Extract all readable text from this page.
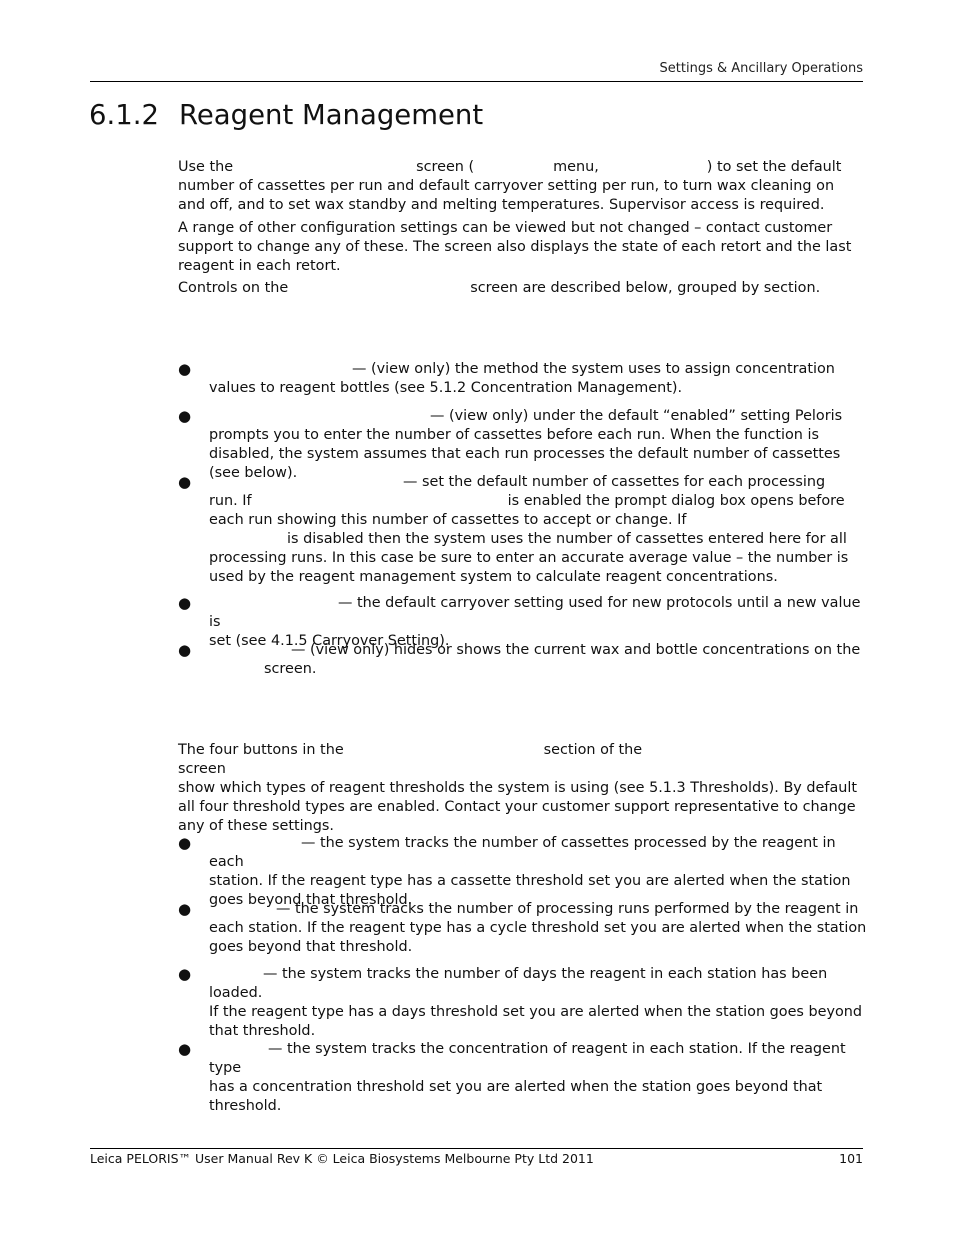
Settings & Ancillary Operations
6.1.2 Reagent Management

Use the	screen (	menu,	) to set the default
number of cassettes per run and default carryover setting per run, to turn wax cleaning on and off, and to set wax standby and melting temperatures. Supervisor access is required.

A range of other configuration settings can be viewed but not changed – contact customer support to change any of these. The screen also displays the state of each retort and the last reagent in each retort.

Controls on the	screen are described below, grouped by section.

●	— (view only) the method the system uses to assign concentration
values to reagent bottles (see 5.1.2 Concentration Management).
●	— (view only) under the default “enabled” setting Peloris
prompts you to enter the number of cassettes before each run. When the function is disabled, the system assumes that each run processes the default number of cassettes (see below).
●	— set the default number of cassettes for each processing
run. If	is enabled the prompt dialog box opens before
each run showing this number of cassettes to accept or change. If
is disabled then the system uses the number of cassettes entered here for all
processing runs. In this case be sure to enter an accurate average value – the number is used by the reagent management system to calculate reagent concentrations.
●	— the default carryover setting used for new protocols until a new value is
set (see 4.1.5 Carryover Setting).
●	— (view only) hides or shows the current wax and bottle concentrations on the
screen.

The four buttons in the	section of thescreen
show which types of reagent thresholds the system is using (see 5.1.3 Thresholds). By default all four threshold types are enabled. Contact your customer support representative to change any of these settings.

●	— the system tracks the number of cassettes processed by the reagent in each
station. If the reagent type has a cassette threshold set you are alerted when the station goes beyond that threshold.
●	— the system tracks the number of processing runs performed by the reagent in
each station. If the reagent type has a cycle threshold set you are alerted when the station goes beyond that threshold.
●	— the system tracks the number of days the reagent in each station has been loaded.
If the reagent type has a days threshold set you are alerted when the station goes beyond that threshold.
●	— the system tracks the concentration of reagent in each station. If the reagent type
has a concentration threshold set you are alerted when the station goes beyond that threshold.
Leica PELORIS™ User Manual Rev K © Leica Biosystems Melbourne Pty Ltd 2011	101
